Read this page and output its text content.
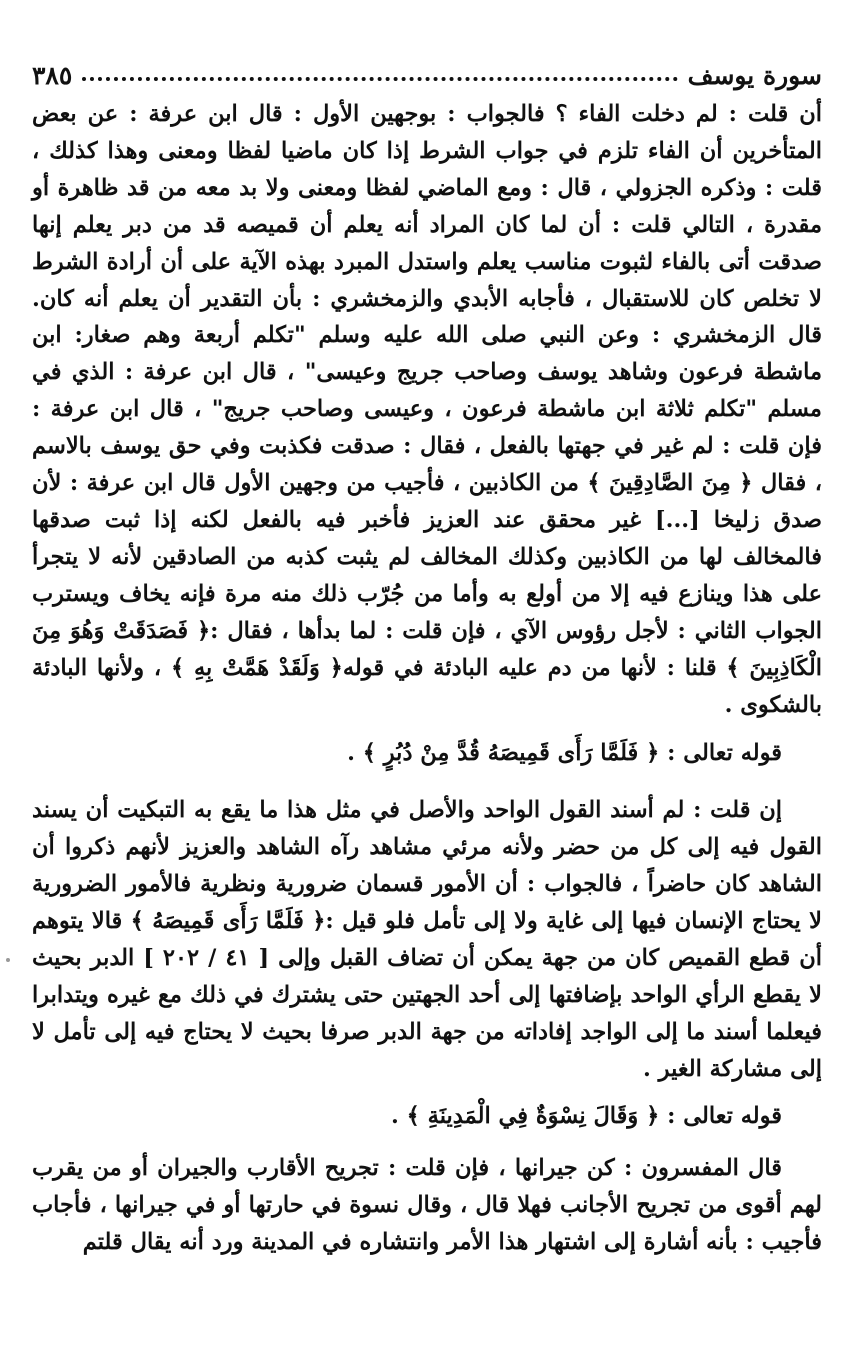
سورة يوسف
٣٨٥

أن قلت : لم دخلت الفاء ؟ فالجواب : بوجهين الأول : قال ابن عرفة : عن بعض المتأخرين أن الفاء تلزم في جواب الشرط إذا كان ماضيا لفظا ومعنى وهذا كذلك ، قلت : وذكره الجزولي ، قال : ومع الماضي لفظا ومعنى ولا بد معه من قد ظاهرة أو مقدرة ، التالي قلت : أن لما كان المراد أنه يعلم أن قميصه قد من دبر يعلم إنها صدقت أتى بالفاء لثبوت مناسب يعلم واستدل المبرد بهذه الآية على أن أرادة الشرط لا تخلص كان للاستقبال ، فأجابه الأبدي والزمخشري : بأن التقدير أن يعلم أنه كان. قال الزمخشري : وعن النبي صلى الله عليه وسلم "تكلم أربعة وهم صغار: ابن ماشطة فرعون وشاهد يوسف وصاحب جريج وعيسى" ، قال ابن عرفة : الذي في مسلم "تكلم ثلاثة ابن ماشطة فرعون ، وعيسى وصاحب جريج" ، قال ابن عرفة : فإن قلت : لم غير في جهتها بالفعل ، فقال : صدقت فكذبت وفي حق يوسف بالاسم ، فقال ﴿ مِنَ الصَّادِقِينَ ﴾ من الكاذبين ، فأجيب من وجهين الأول قال ابن عرفة : لأن صدق زليخا [...] غير محقق عند العزيز فأخبر فيه بالفعل لكنه إذا ثبت صدقها فالمخالف لها من الكاذبين وكذلك المخالف لم يثبت كذبه من الصادقين لأنه لا يتجرأ على هذا وينازع فيه إلا من أولع به وأما من جُرّب ذلك منه مرة فإنه يخاف ويسترب الجواب الثاني : لأجل رؤوس الآي ، فإن قلت : لما بدأها ، فقال :﴿ فَصَدَقَتْ وَهُوَ مِنَ الْكَاذِبِينَ ﴾ قلنا : لأنها من دم عليه البادئة في قوله﴿ وَلَقَدْ هَمَّتْ بِهِ ﴾ ، ولأنها البادئة بالشكوى .

قوله تعالى : ﴿ فَلَمَّا رَأَى قَمِيصَهُ قُدَّ مِنْ دُبُرٍ ﴾ .

إن قلت : لم أسند القول الواحد والأصل في مثل هذا ما يقع به التبكيت أن يسند القول فيه إلى كل من حضر ولأنه مرئي مشاهد رآه الشاهد والعزيز لأنهم ذكروا أن الشاهد كان حاضراً ، فالجواب : أن الأمور قسمان ضرورية ونظرية فالأمور الضرورية لا يحتاج الإنسان فيها إلى غاية ولا إلى تأمل فلو قيل :﴿ فَلَمَّا رَأَى قَمِيصَهُ ﴾ قالا يتوهم أن قطع القميص كان من جهة يمكن أن تضاف القبل وإلى [ ٤١ / ٢٠٢ ] الدبر بحيث لا يقطع الرأي الواحد بإضافتها إلى أحد الجهتين حتى يشترك في ذلك مع غيره ويتدابرا فيعلما أسند ما إلى الواجد إفاداته من جهة الدبر صرفا بحيث لا يحتاج فيه إلى تأمل لا إلى مشاركة الغير .

قوله تعالى : ﴿ وَقَالَ نِسْوَةٌ فِي الْمَدِينَةِ ﴾ .

قال المفسرون : كن جيرانها ، فإن قلت : تجريح الأقارب والجيران أو من يقرب لهم أقوى من تجريح الأجانب فهلا قال ، وقال نسوة في حارتها أو في جيرانها ، فأجاب فأجيب : بأنه أشارة إلى اشتهار هذا الأمر وانتشاره في المدينة ورد أنه يقال قلتم
